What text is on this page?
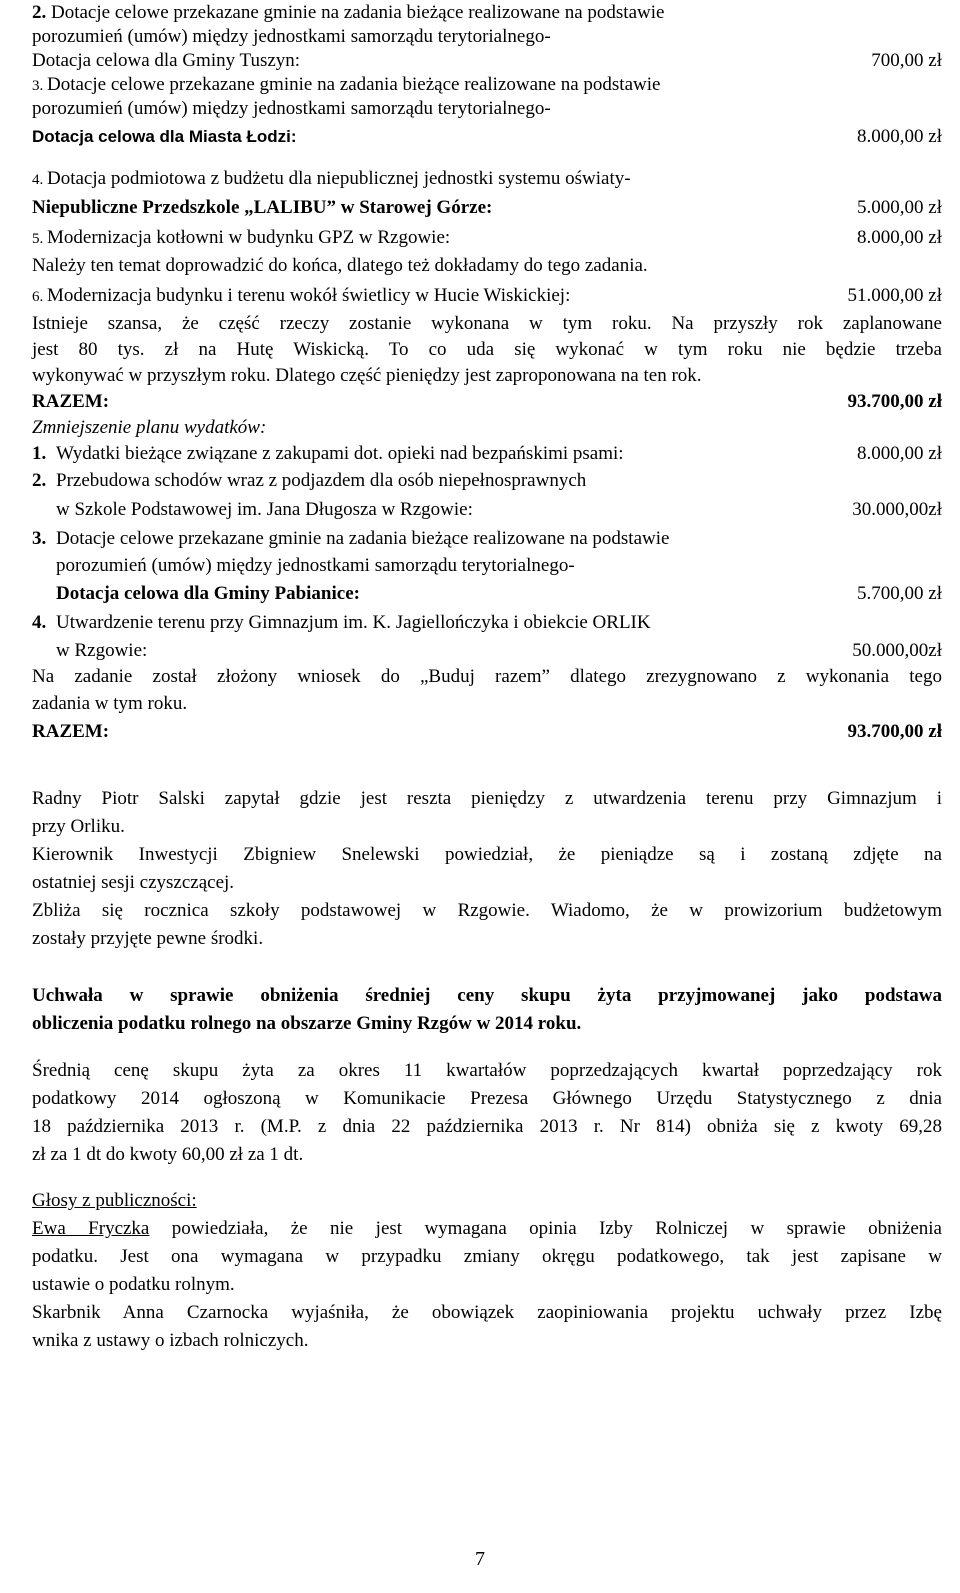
2. Dotacje celowe przekazane gminie na zadania bieżące realizowane na podstawie
porozumień (umów) między jednostkami samorządu terytorialnego-
Dotacja celowa dla Gminy Tuszyn:	700,00 zł
3. Dotacje celowe przekazane gminie na zadania bieżące realizowane na podstawie
porozumień (umów) między jednostkami samorządu terytorialnego-
Dotacja celowa dla Miasta Łodzi:	8.000,00 zł
4. Dotacja podmiotowa z budżetu dla niepublicznej jednostki systemu oświaty-
Niepubliczne Przedszkole „LALIBU” w Starowej Górze:	5.000,00 zł
5. Modernizacja kotłowni w budynku GPZ w Rzgowie:	8.000,00 zł
Należy ten temat doprowadzić do końca, dlatego też dokładamy do tego zadania.
6. Modernizacja budynku i terenu wokół świetlicy w Hucie Wiskickiej:	51.000,00 zł
Istnieje szansa, że część rzeczy zostanie wykonana w tym roku. Na przyszły rok zaplanowane
jest 80 tys. zł na Hutę Wiskicką. To co uda się wykonać w tym roku nie będzie trzeba
wykonywać w przyszłym roku. Dlatego część pieniędzy jest zaproponowana na ten rok.
RAZEM:	93.700,00 zł
Zmniejszenie planu wydatków:
1. Wydatki bieżące związane z zakupami dot. opieki nad bezpańskimi psami:	8.000,00 zł
2. Przebudowa schodów wraz z podjazdem dla osób niepełnosprawnych
w Szkole Podstawowej im. Jana Długosza w Rzgowie:	30.000,00zł
3. Dotacje celowe przekazane gminie na zadania bieżące realizowane na podstawie
porozumień (umów) między jednostkami samorządu terytorialnego-
Dotacja celowa dla Gminy Pabianice:	5.700,00 zł
4. Utwardzenie terenu przy Gimnazjum im. K. Jagiellończyka i obiekcie ORLIK
w Rzgowie:	50.000,00zł
Na zadanie został złożony wniosek do „Buduj razem” dlatego zrezygnowano z wykonania tego
zadania w tym roku.
RAZEM:	93.700,00 zł
Radny Piotr Salski zapytał gdzie jest reszta pieniędzy z utwardzenia terenu przy Gimnazjum i
przy Orliku.
Kierownik Inwestycji Zbigniew Snelewski powiedział, że pieniądze są i zostaną zdjęte na
ostatniej sesji czyszczącej.
Zbliża się rocznica szkoły podstawowej w Rzgowie. Wiadomo, że w prowizorium budżetowym
zostały przyjęte pewne środki.
Uchwała w sprawie obniżenia średniej ceny skupu żyta przyjmowanej jako podstawa
obliczenia podatku rolnego na obszarze Gminy Rzgów w 2014 roku.
Średnią cenę skupu żyta za okres 11 kwartałów poprzedzających kwartał poprzedzający rok
podatkowy 2014 ogłoszoną w Komunikacie Prezesa Głównego Urzędu Statystycznego z dnia
18 października 2013 r. (M.P. z dnia 22 października 2013 r. Nr 814) obniża się z kwoty 69,28
zł za 1 dt do kwoty 60,00 zł za 1 dt.
Głosy z publiczności:
Ewa Fryczka powiedziała, że nie jest wymagana opinia Izby Rolniczej w sprawie obniżenia
podatku. Jest ona wymagana w przypadku zmiany okręgu podatkowego, tak jest zapisane w
ustawie o podatku rolnym.
Skarbnik Anna Czarnocka wyjaśniła, że obowiązek zaopiniowania projektu uchwały przez Izbę
wnika z ustawy o izbach rolniczych.
7
